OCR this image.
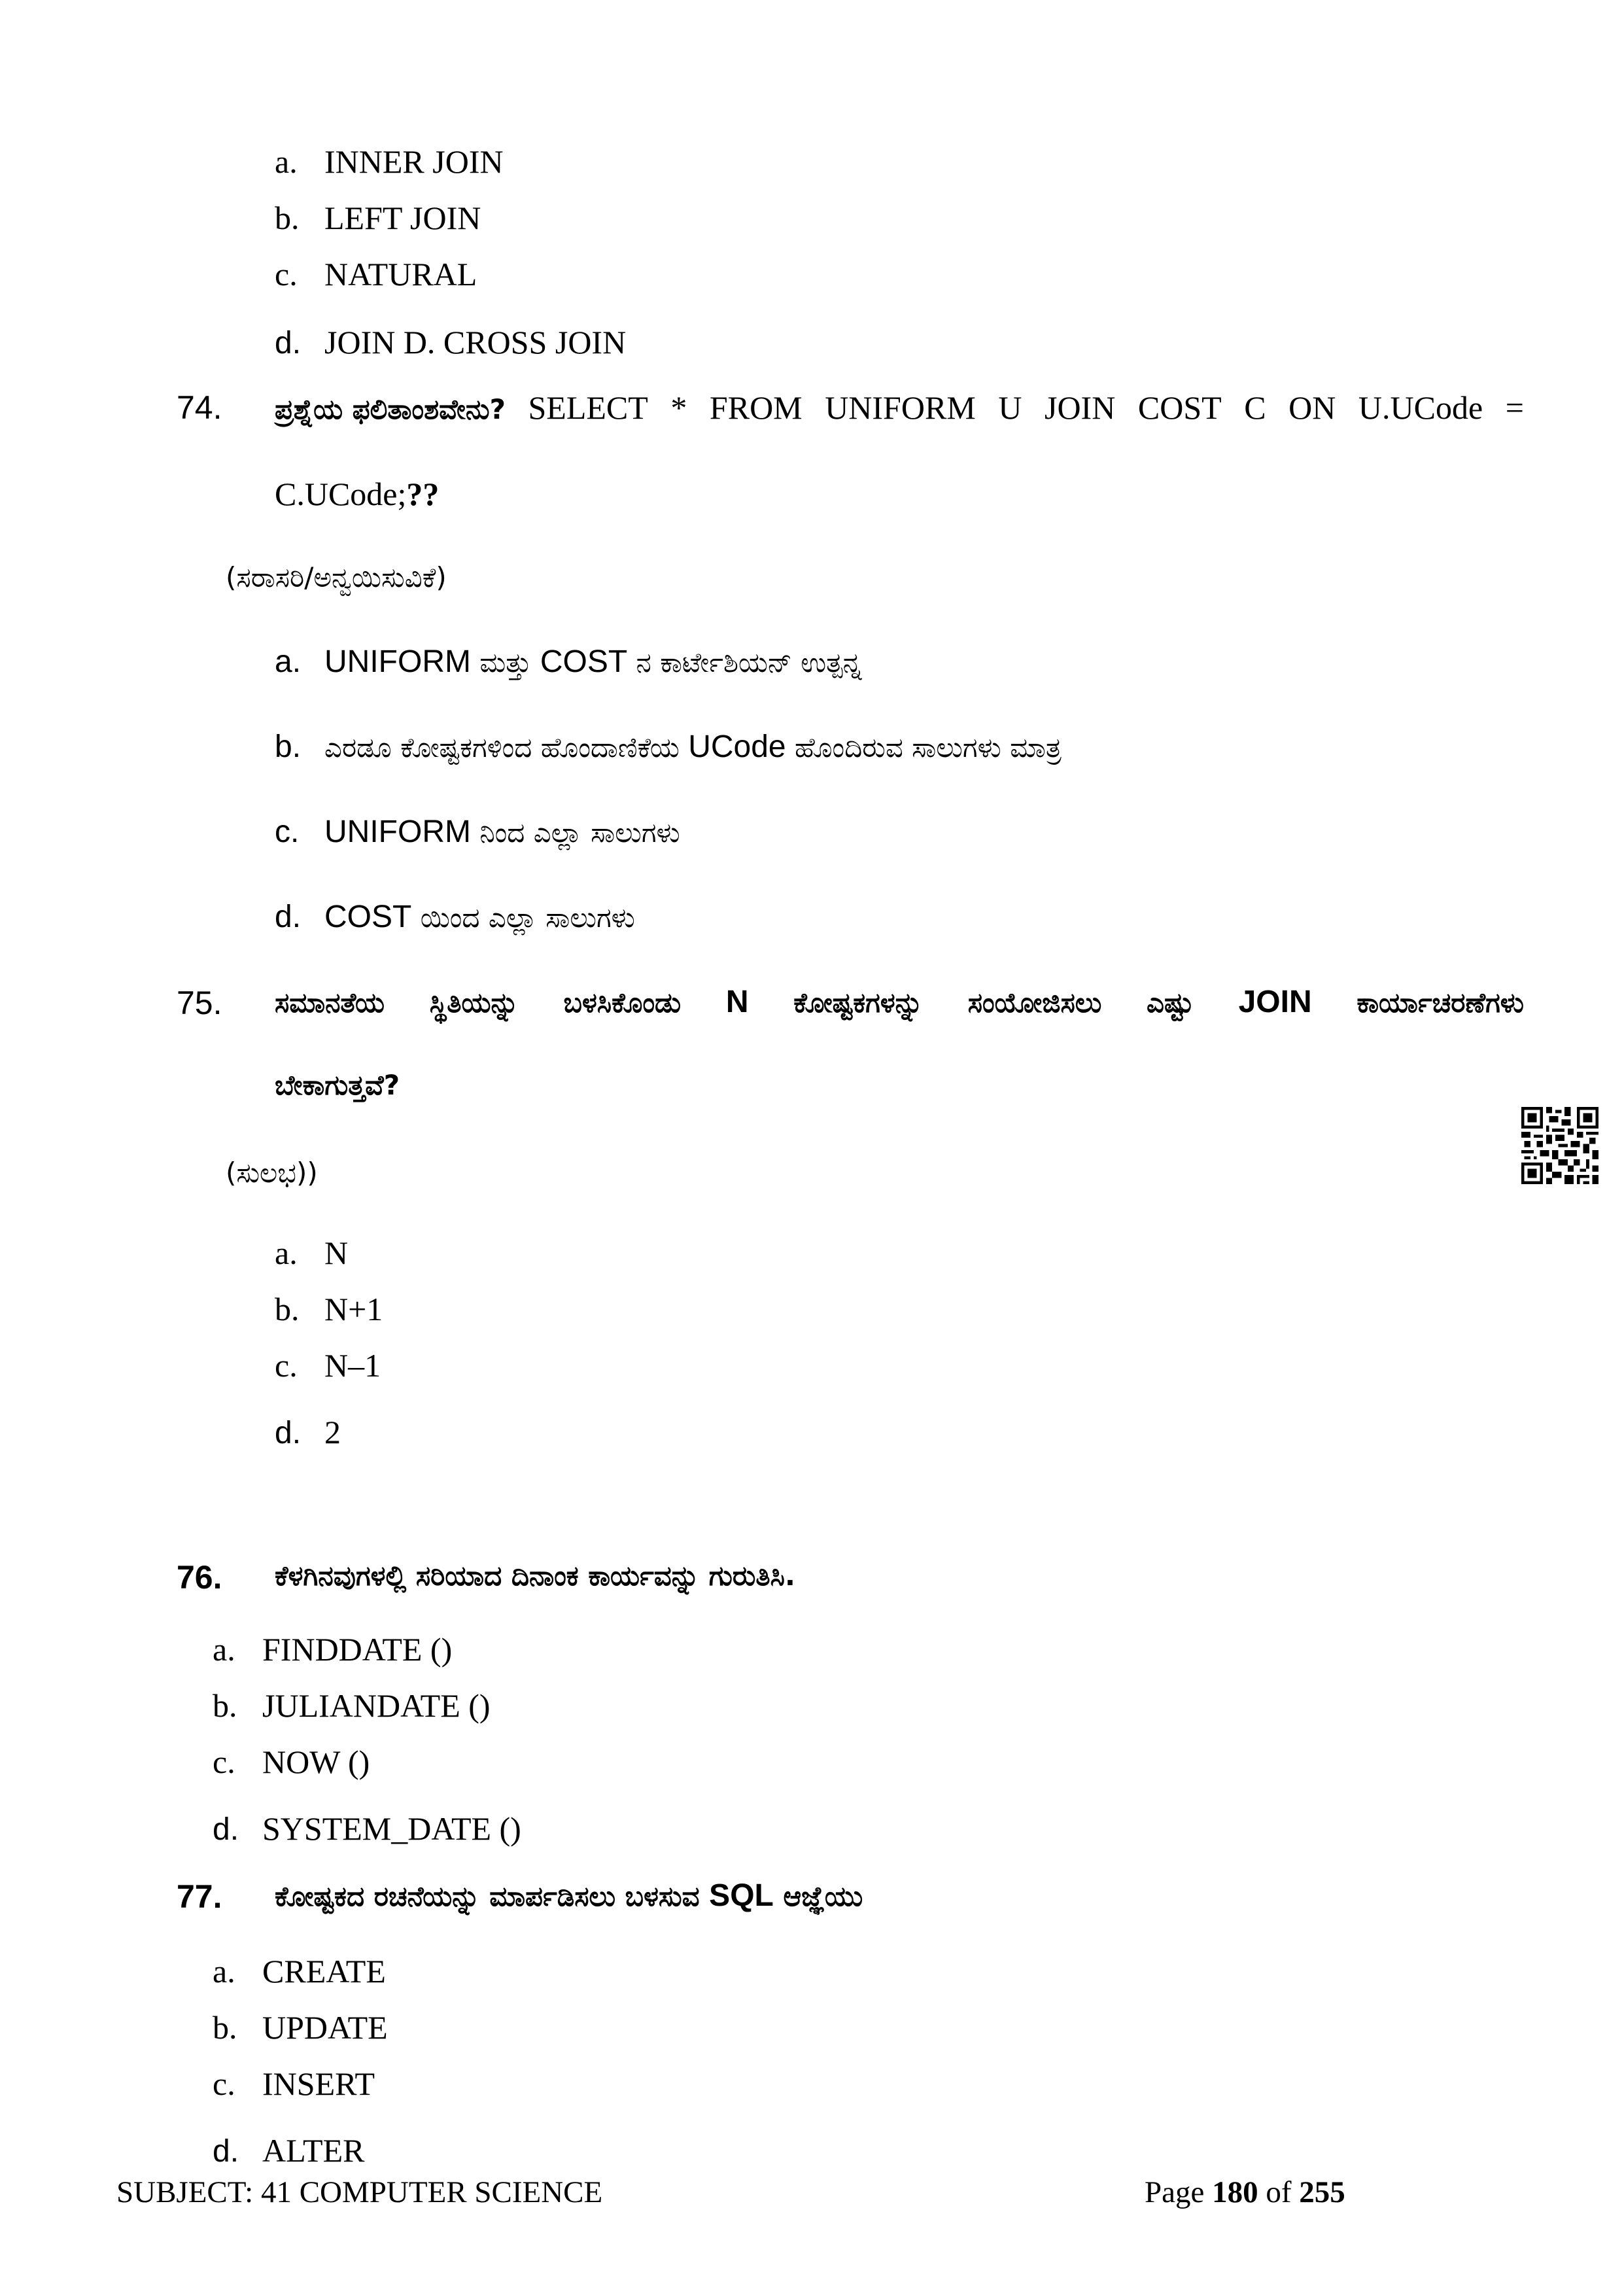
a. INNER JOIN
b. LEFT JOIN
c. NATURAL
d. JOIN D. CROSS JOIN
74. ಪ್ರಶ್ನೆಯ ಫಲಿತಾಂಶವೇನು? SELECT * FROM UNIFORM U JOIN COST C ON U.UCode =
C.UCode;??
(ಸರಾಸರಿ/ಅನ್ವಯಿಸುವಿಕೆ)
a. UNIFORM ಮತ್ತು COST ನ ಕಾರ್ಟೇಶಿಯನ್ ಉತ್ಪನ್ನ
b. ಎರಡೂ ಕೋಷ್ಟಕಗಳಿಂದ ಹೊಂದಾಣಿಕೆಯ UCode ಹೊಂದಿರುವ ಸಾಲುಗಳು ಮಾತ್ರ
c. UNIFORM ನಿಂದ ಎಲ್ಲಾ ಸಾಲುಗಳು
d. COST ಯಿಂದ ಎಲ್ಲಾ ಸಾಲುಗಳು
75. ಸಮಾನತೆಯ ಸ್ಥಿತಿಯನ್ನು ಬಳಸಿಕೊಂಡು N ಕೋಷ್ಟಕಗಳನ್ನು ಸಂಯೋಜಿಸಲು ಎಷ್ಟು JOIN ಕಾರ್ಯಾಚರಣೆಗಳು
ಬೇಕಾಗುತ್ತವೆ?
(ಸುಲಭ))
a. N
b. N+1
c. N–1
d. 2
76. ಕೆಳಗಿನವುಗಳಲ್ಲಿ ಸರಿಯಾದ ದಿನಾಂಕ ಕಾರ್ಯವನ್ನು ಗುರುತಿಸಿ.
a. FINDDATE ()
b. JULIANDATE ()
c. NOW ()
d. SYSTEM_DATE ()
77. ಕೋಷ್ಟಕದ ರಚನೆಯನ್ನು ಮಾರ್ಪಡಿಸಲು ಬಳಸುವ SQL ಆಜ್ಞೆಯು
a. CREATE
b. UPDATE
c. INSERT
d. ALTER
SUBJECT: 41 COMPUTER SCIENCE	Page 180 of 255
